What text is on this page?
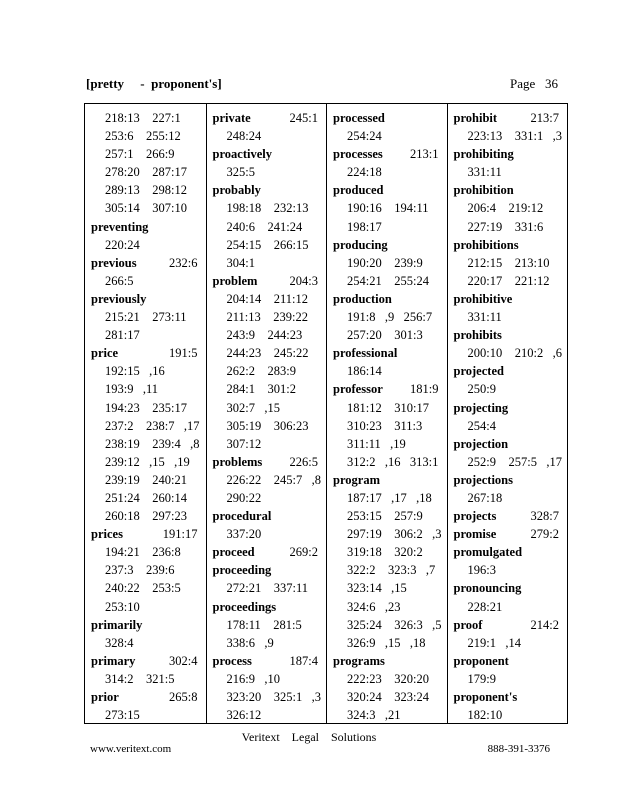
[pretty     -  proponent's]	Page   36
218:13    227:1
253:6    255:12
257:1    266:9
278:20    287:17
289:13    298:12
305:14    307:10
preventing
220:24
previous	232:6
266:5
previously
215:21    273:11
281:17
price	191:5
192:15   ,16
193:9   ,11
194:23    235:17
237:2    238:7   ,17
238:19    239:4   ,8
239:12   ,15   ,19
239:19    240:21
251:24    260:14
260:18    297:23
prices	191:17
194:21    236:8
237:3    239:6
240:22    253:5
253:10
primarily
328:4
primary	302:4
314:2    321:5
prior	265:8
273:15
private	245:1
248:24
proactively
325:5
probably
198:18    232:13
240:6    241:24
254:15    266:15
304:1
problem	204:3
204:14    211:12
211:13    239:22
243:9    244:23
244:23    245:22
262:2    283:9
284:1    301:2
302:7   ,15
305:19    306:23
307:12
problems 226:5
226:22    245:7   ,8
290:22
procedural
337:20
proceed	269:2
proceeding
272:21    337:11
proceedings
178:11    281:5
338:6   ,9
process	187:4
216:9   ,10
323:20    325:1   ,3
326:12
processed
254:24
processes 213:1
224:18
produced
190:16    194:11
198:17
producing
190:20    239:9
254:21    255:24
production
191:8   ,9   256:7
257:20    301:3
professional
186:14
professor 181:9
181:12    310:17
310:23    311:3
311:11   ,19
312:2   ,16   313:1
program
187:17   ,17   ,18
253:15    257:9
297:19    306:2   ,3
319:18    320:2
322:2    323:3   ,7
323:14   ,15
324:6   ,23
325:24    326:3   ,5
326:9   ,15   ,18
programs
222:23    320:20
320:24    323:24
324:3   ,21
prohibit	213:7
223:13    331:1   ,3
prohibiting
331:11
prohibition
206:4    219:12
227:19    331:6
prohibitions
212:15    213:10
220:17    221:12
prohibitive
331:11
prohibits
200:10    210:2   ,6
projected
250:9
projecting
254:4
projection
252:9    257:5   ,17
projections
267:18
projects	328:7
promise	279:2
promulgated
196:3
pronouncing
228:21
proof	214:2
219:1   ,14
proponent
179:9
proponent's
182:10
Veritext    Legal    Solutions
www.veritext.com	888-391-3376
